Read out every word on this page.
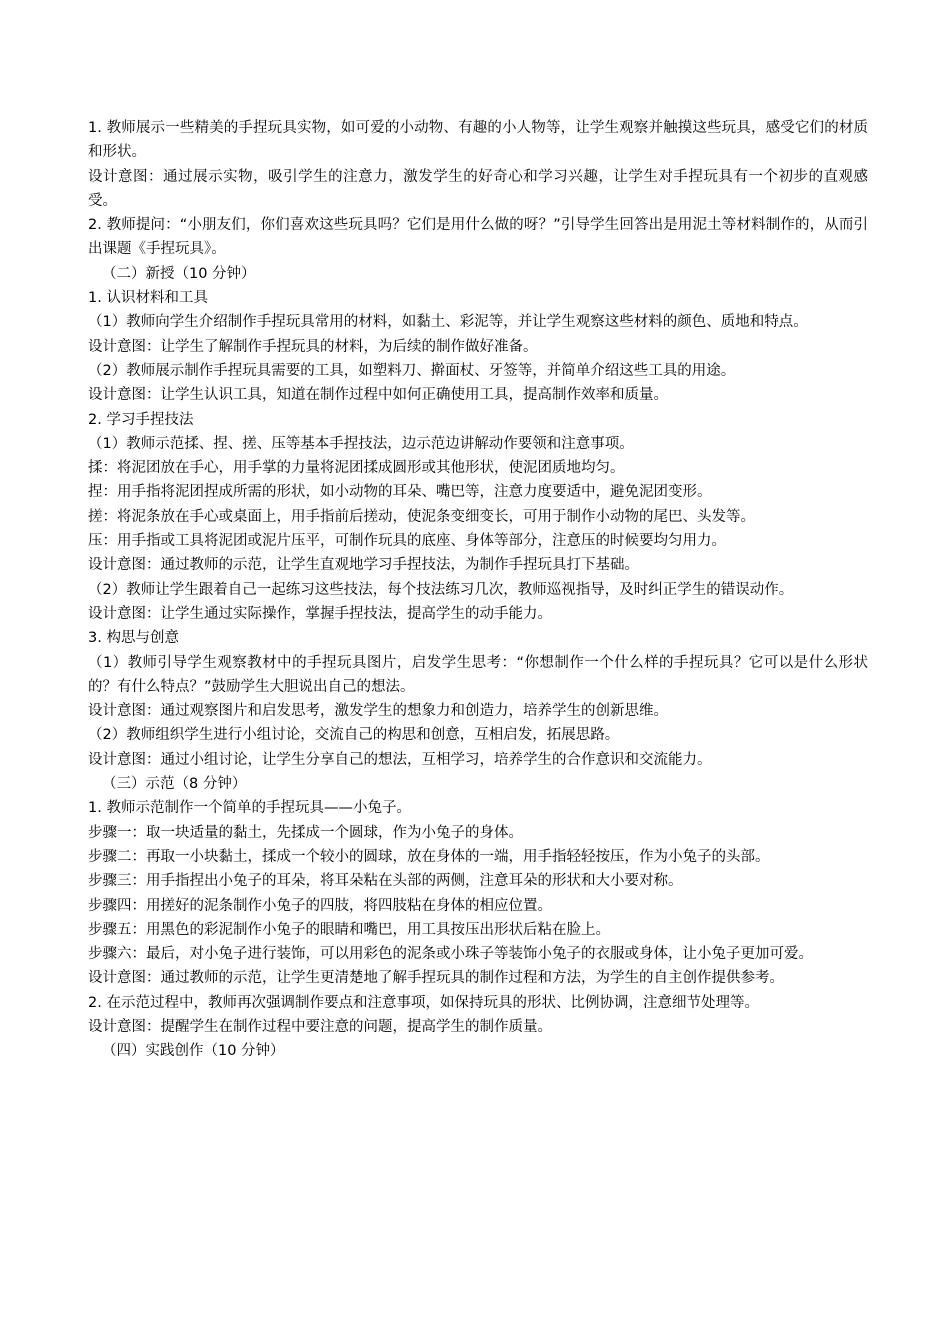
1. 教师展示一些精美的手捏玩具实物，如可爱的小动物、有趣的小人物等，让学生观察并触摸这些玩具，感受它们的材质和形状。

设计意图：通过展示实物，吸引学生的注意力，激发学生的好奇心和学习兴趣，让学生对手捏玩具有一个初步的直观感受。

2. 教师提问：“小朋友们，你们喜欢这些玩具吗？它们是用什么做的呀？”引导学生回答出是用泥土等材料制作的，从而引出课题《手捏玩具》。

（二）新授（10 分钟）

1. 认识材料和工具

（1）教师向学生介绍制作手捏玩具常用的材料，如黏土、彩泥等，并让学生观察这些材料的颜色、质地和特点。

设计意图：让学生了解制作手捏玩具的材料，为后续的制作做好准备。

（2）教师展示制作手捏玩具需要的工具，如塑料刀、擀面杖、牙签等，并简单介绍这些工具的用途。

设计意图：让学生认识工具，知道在制作过程中如何正确使用工具，提高制作效率和质量。

2. 学习手捏技法

（1）教师示范揉、捏、搓、压等基本手捏技法，边示范边讲解动作要领和注意事项。

揉：将泥团放在手心，用手掌的力量将泥团揉成圆形或其他形状，使泥团质地均匀。

捏：用手指将泥团捏成所需的形状，如小动物的耳朵、嘴巴等，注意力度要适中，避免泥团变形。

搓：将泥条放在手心或桌面上，用手指前后搓动，使泥条变细变长，可用于制作小动物的尾巴、头发等。

压：用手指或工具将泥团或泥片压平，可制作玩具的底座、身体等部分，注意压的时候要均匀用力。

设计意图：通过教师的示范，让学生直观地学习手捏技法，为制作手捏玩具打下基础。

（2）教师让学生跟着自己一起练习这些技法，每个技法练习几次，教师巡视指导，及时纠正学生的错误动作。

设计意图：让学生通过实际操作，掌握手捏技法，提高学生的动手能力。

3. 构思与创意

（1）教师引导学生观察教材中的手捏玩具图片，启发学生思考：“你想制作一个什么样的手捏玩具？它可以是什么形状的？有什么特点？”鼓励学生大胆说出自己的想法。

设计意图：通过观察图片和启发思考，激发学生的想象力和创造力，培养学生的创新思维。

（2）教师组织学生进行小组讨论，交流自己的构思和创意，互相启发，拓展思路。

设计意图：通过小组讨论，让学生分享自己的想法，互相学习，培养学生的合作意识和交流能力。

（三）示范（8 分钟）

1. 教师示范制作一个简单的手捏玩具——小兔子。

步骤一：取一块适量的黏土，先揉成一个圆球，作为小兔子的身体。

步骤二：再取一小块黏土，揉成一个较小的圆球，放在身体的一端，用手指轻轻按压，作为小兔子的头部。

步骤三：用手指捏出小兔子的耳朵，将耳朵粘在头部的两侧，注意耳朵的形状和大小要对称。

步骤四：用搓好的泥条制作小兔子的四肢，将四肢粘在身体的相应位置。

步骤五：用黑色的彩泥制作小兔子的眼睛和嘴巴，用工具按压出形状后粘在脸上。

步骤六：最后，对小兔子进行装饰，可以用彩色的泥条或小珠子等装饰小兔子的衣服或身体，让小兔子更加可爱。

设计意图：通过教师的示范，让学生更清楚地了解手捏玩具的制作过程和方法，为学生的自主创作提供参考。

2. 在示范过程中，教师再次强调制作要点和注意事项，如保持玩具的形状、比例协调，注意细节处理等。

设计意图：提醒学生在制作过程中要注意的问题，提高学生的制作质量。

（四）实践创作（10 分钟）
